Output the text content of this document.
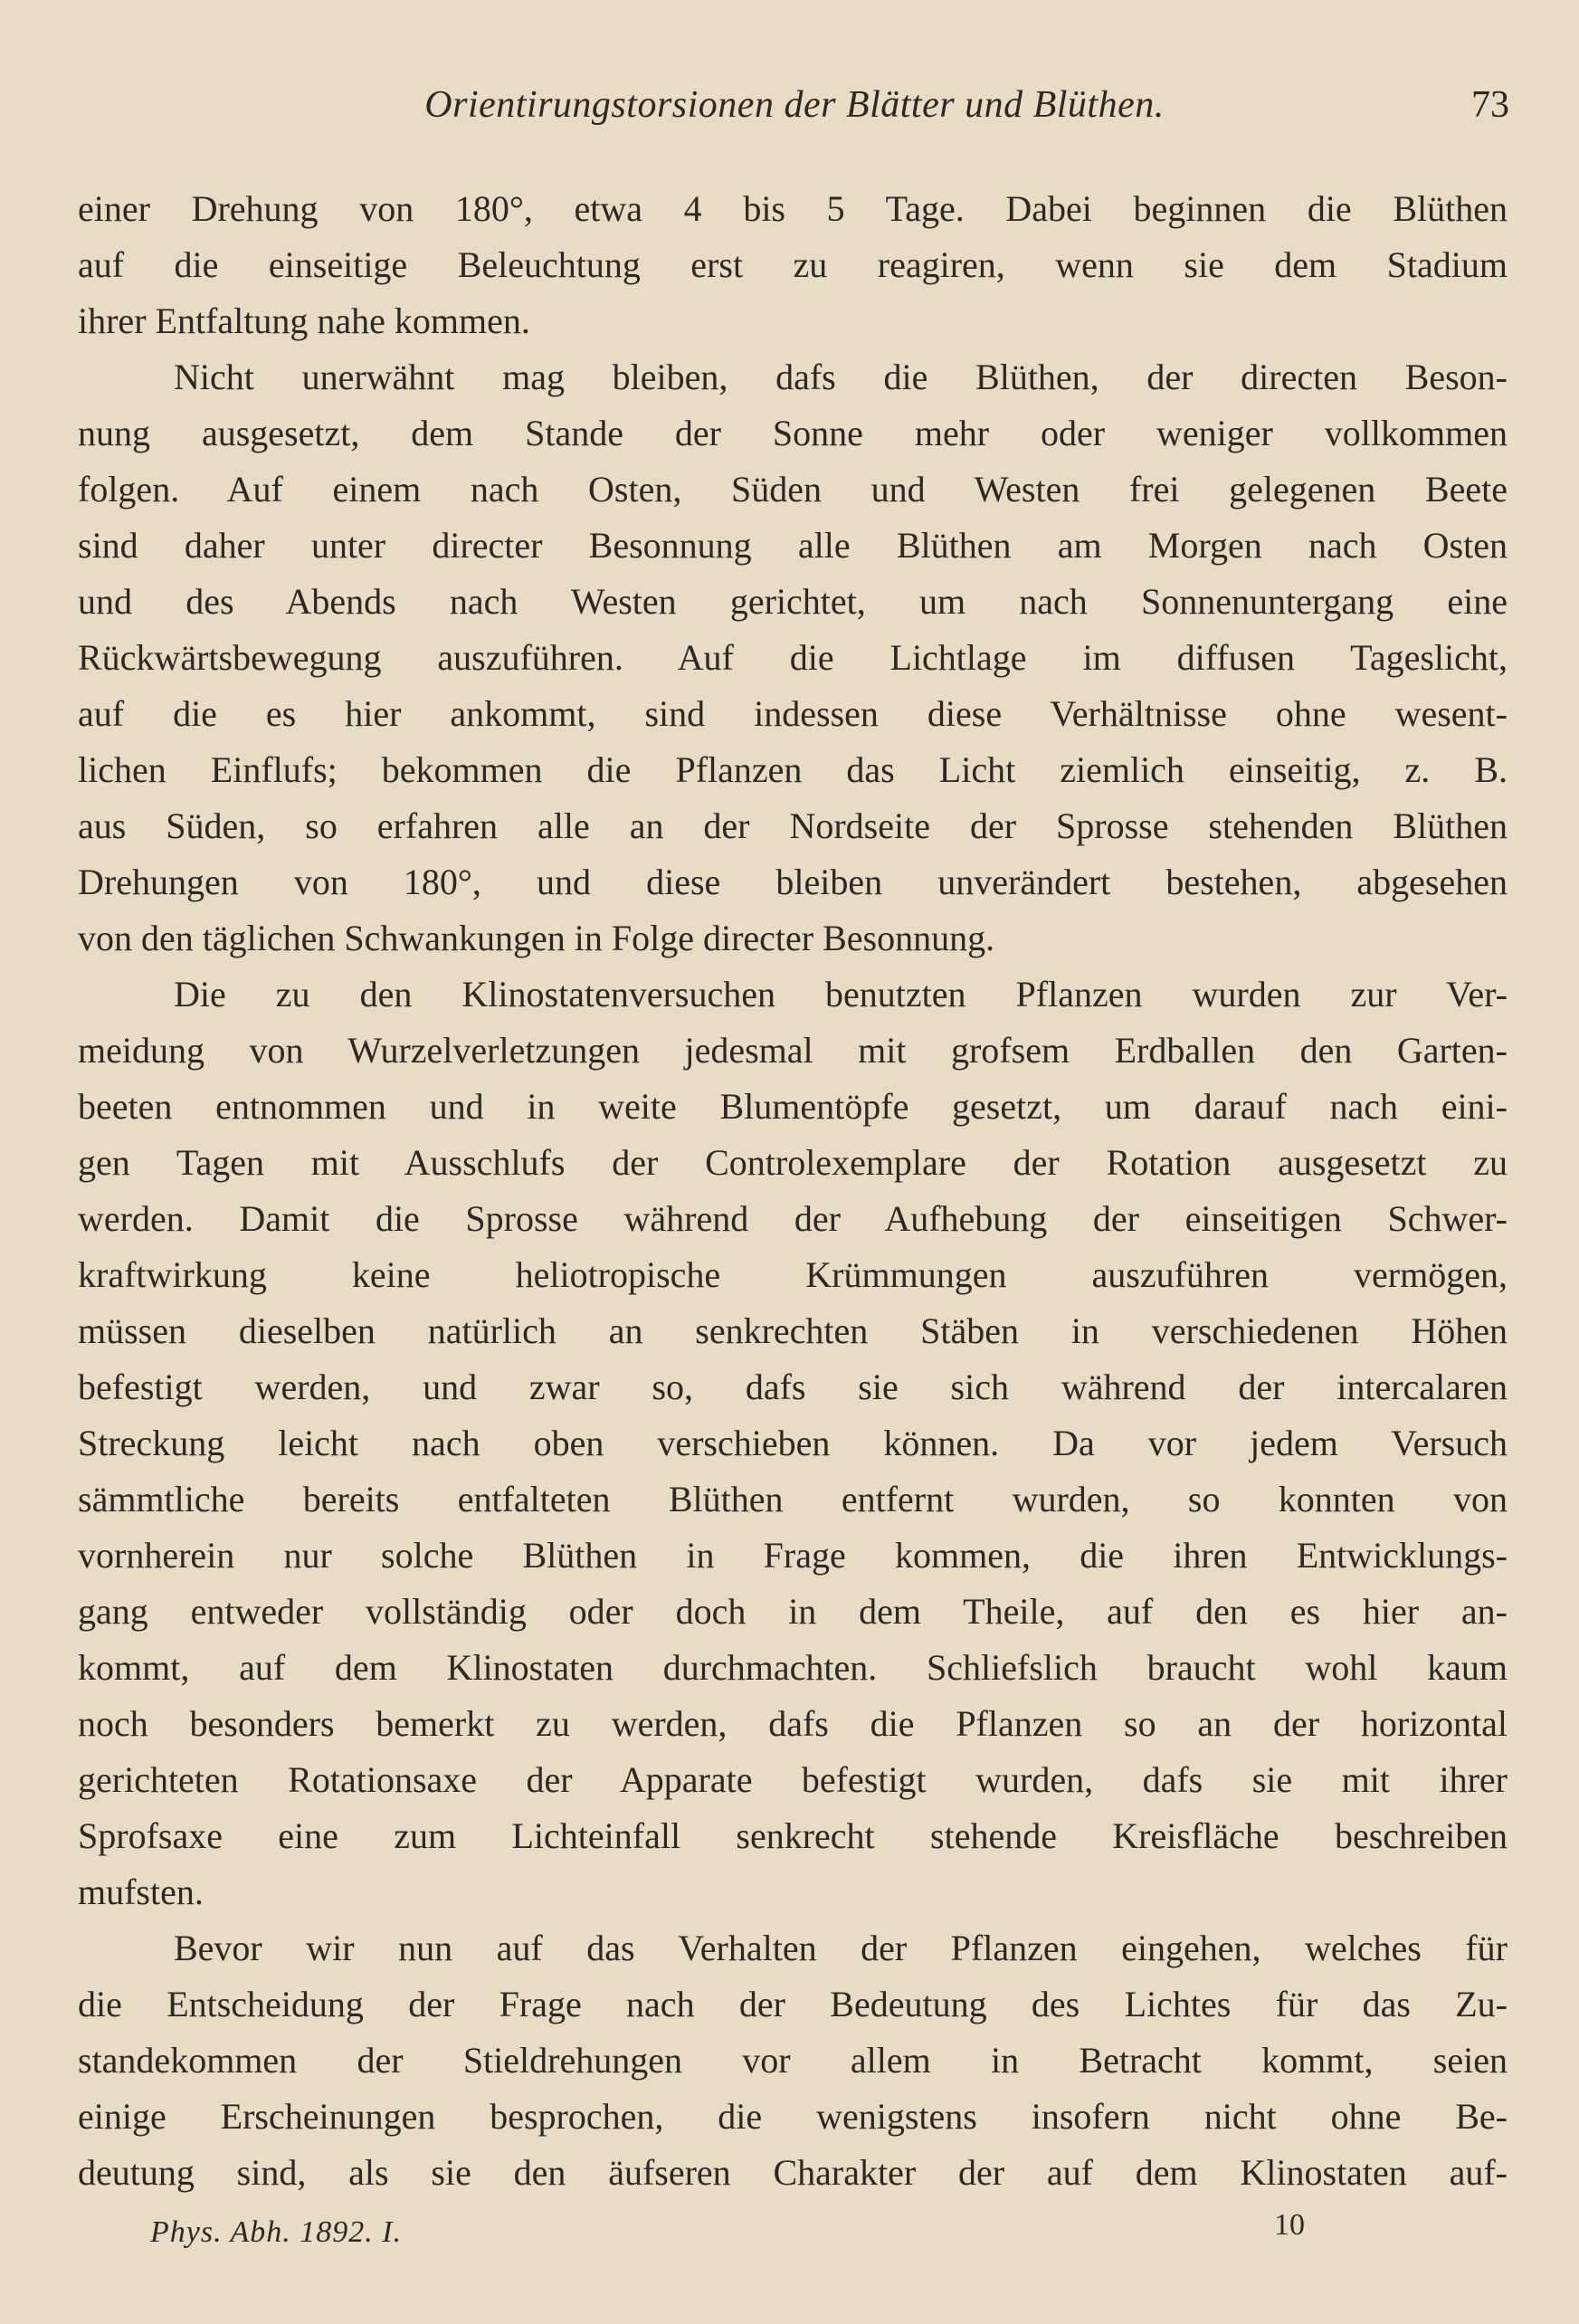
Orientirungstorsionen der Blätter und Blüthen.	73
einer Drehung von 180°, etwa 4 bis 5 Tage. Dabei beginnen die Blüthen
auf die einseitige Beleuchtung erst zu reagiren, wenn sie dem Stadium
ihrer Entfaltung nahe kommen.
Nicht unerwähnt mag bleiben, dafs die Blüthen, der directen Beson-
nung ausgesetzt, dem Stande der Sonne mehr oder weniger vollkommen
folgen. Auf einem nach Osten, Süden und Westen frei gelegenen Beete
sind daher unter directer Besonnung alle Blüthen am Morgen nach Osten
und des Abends nach Westen gerichtet, um nach Sonnenuntergang eine
Rückwärtsbewegung auszuführen. Auf die Lichtlage im diffusen Tageslicht,
auf die es hier ankommt, sind indessen diese Verhältnisse ohne wesent-
lichen Einflufs; bekommen die Pflanzen das Licht ziemlich einseitig, z. B.
aus Süden, so erfahren alle an der Nordseite der Sprosse stehenden Blüthen
Drehungen von 180°, und diese bleiben unverändert bestehen, abgesehen
von den täglichen Schwankungen in Folge directer Besonnung.
Die zu den Klinostatenversuchen benutzten Pflanzen wurden zur Ver-
meidung von Wurzelverletzungen jedesmal mit grofsem Erdballen den Garten-
beeten entnommen und in weite Blumentöpfe gesetzt, um darauf nach eini-
gen Tagen mit Ausschlufs der Controlexemplare der Rotation ausgesetzt zu
werden. Damit die Sprosse während der Aufhebung der einseitigen Schwer-
kraftwirkung keine heliotropische Krümmungen auszuführen vermögen,
müssen dieselben natürlich an senkrechten Stäben in verschiedenen Höhen
befestigt werden, und zwar so, dafs sie sich während der intercalaren
Streckung leicht nach oben verschieben können. Da vor jedem Versuch
sämmtliche bereits entfalteten Blüthen entfernt wurden, so konnten von
vornherein nur solche Blüthen in Frage kommen, die ihren Entwicklungs-
gang entweder vollständig oder doch in dem Theile, auf den es hier an-
kommt, auf dem Klinostaten durchmachten. Schliefslich braucht wohl kaum
noch besonders bemerkt zu werden, dafs die Pflanzen so an der horizontal
gerichteten Rotationsaxe der Apparate befestigt wurden, dafs sie mit ihrer
Sprofsaxe eine zum Lichteinfall senkrecht stehende Kreisfläche beschreiben
mufsten.
Bevor wir nun auf das Verhalten der Pflanzen eingehen, welches für
die Entscheidung der Frage nach der Bedeutung des Lichtes für das Zu-
standekommen der Stieldrehungen vor allem in Betracht kommt, seien
einige Erscheinungen besprochen, die wenigstens insofern nicht ohne Be-
deutung sind, als sie den äufseren Charakter der auf dem Klinostaten auf-
Phys. Abh. 1892. I.	10
